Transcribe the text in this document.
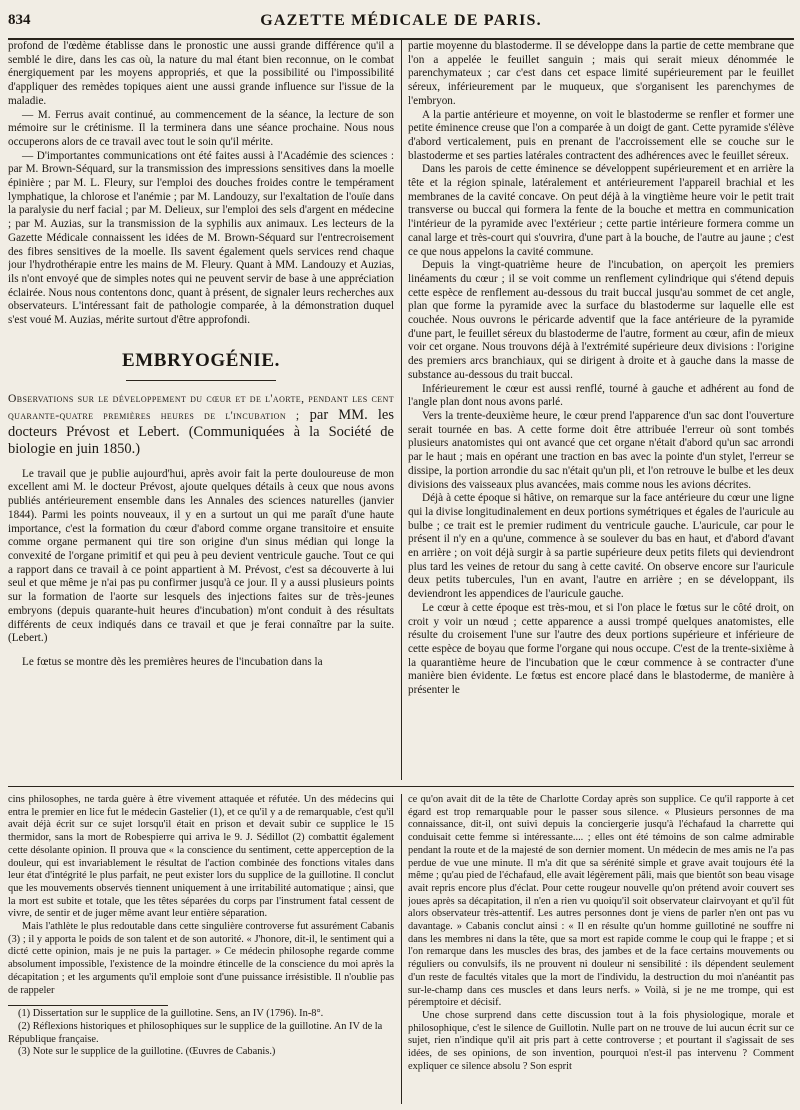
834	GAZETTE MÉDICALE DE PARIS.

profond de l'œdème établisse dans le pronostic une aussi grande différence qu'il a semblé le dire, dans les cas où, la nature du mal étant bien reconnue, on le combat énergiquement par les moyens appropriés, et que la possibilité ou l'impossibilité d'appliquer des remèdes topiques aient une aussi grande influence sur l'issue de la maladie.

— M. Ferrus avait continué, au commencement de la séance, la lecture de son mémoire sur le crétinisme. Il la terminera dans une séance prochaine. Nous nous occuperons alors de ce travail avec tout le soin qu'il mérite.

— D'importantes communications ont été faites aussi à l'Académie des sciences : par M. Brown-Séquard, sur la transmission des impressions sensitives dans la moelle épinière ; par M. L. Fleury, sur l'emploi des douches froides contre le tempérament lymphatique, la chlorose et l'anémie ; par M. Landouzy, sur l'exaltation de l'ouïe dans la paralysie du nerf facial ; par M. Delieux, sur l'emploi des sels d'argent en médecine ; par M. Auzias, sur la transmission de la syphilis aux animaux. Les lecteurs de la Gazette Médicale connaissent les idées de M. Brown-Séquard sur l'entrecroisement des fibres sensitives de la moelle. Ils savent également quels services rend chaque jour l'hydrothérapie entre les mains de M. Fleury. Quant à MM. Landouzy et Auzias, ils n'ont envoyé que de simples notes qui ne peuvent servir de base à une appréciation éclairée. Nous nous contentons donc, quant à présent, de signaler leurs recherches aux observateurs. L'intéressant fait de pathologie comparée, à la démonstration duquel s'est voué M. Auzias, mérite surtout d'être approfondi.

EMBRYOGÉNIE.
Observations sur le développement du cœur et de l'aorte, pendant les cent quarante-quatre premières heures de l'incubation ; par MM. les docteurs Prévost et Lebert. (Communiquées à la Société de biologie en juin 1850.)

Le travail que je publie aujourd'hui, après avoir fait la perte douloureuse de mon excellent ami M. le docteur Prévost, ajoute quelques détails à ceux que nous avons publiés antérieurement ensemble dans les Annales des sciences naturelles (janvier 1844). Parmi les points nouveaux, il y en a surtout un qui me paraît d'une haute importance, c'est la formation du cœur d'abord comme organe transitoire et ensuite comme organe permanent qui tire son origine d'un sinus médian qui longe la convexité de l'organe primitif et qui peu à peu devient ventricule gauche. Tout ce qui a rapport dans ce travail à ce point appartient à M. Prévost, c'est sa découverte à lui seul et que même je n'ai pas pu confirmer jusqu'à ce jour. Il y a aussi plusieurs points sur la formation de l'aorte sur lesquels des injections faites sur de très-jeunes embryons (depuis quarante-huit heures d'incubation) m'ont conduit à des résultats différents de ceux indiqués dans ce travail et que je ferai connaître par la suite. (Lebert.)

Le fœtus se montre dès les premières heures de l'incubation dans la

partie moyenne du blastoderme. Il se développe dans la partie de cette membrane que l'on a appelée le feuillet sanguin ; mais qui serait mieux dénommée le parenchymateux ; car c'est dans cet espace limité supérieurement par le feuillet séreux, inférieurement par le muqueux, que s'organisent les parenchymes de l'embryon.

A la partie antérieure et moyenne, on voit le blastoderme se renfler et former une petite éminence creuse que l'on a comparée à un doigt de gant. Cette pyramide s'élève d'abord verticalement, puis en prenant de l'accroissement elle se couche sur le blastoderme et ses parties latérales contractent des adhérences avec le feuillet séreux.

Dans les parois de cette éminence se développent supérieurement et en arrière la tête et la région spinale, latéralement et antérieurement l'appareil brachial et les membranes de la cavité concave. On peut déjà à la vingtième heure voir le petit trait transverse ou buccal qui formera la fente de la bouche et mettra en communication l'intérieur de la pyramide avec l'extérieur ; cette partie intérieure formera comme un canal large et très-court qui s'ouvrira, d'une part à la bouche, de l'autre au jaune ; c'est ce que nous appelons la cavité commune.

Depuis la vingt-quatrième heure de l'incubation, on aperçoit les premiers linéaments du cœur ; il se voit comme un renflement cylindrique qui s'étend depuis cette espèce de renflement au-dessous du trait buccal jusqu'au sommet de cet angle, plan que forme la pyramide avec la surface du blastoderme sur laquelle elle est couchée. Nous ouvrons le péricarde adventif que la face antérieure de la pyramide d'une part, le feuillet séreux du blastoderme de l'autre, forment au cœur, afin de mieux voir cet organe. Nous trouvons déjà à l'extrémité supérieure deux divisions : l'origine des premiers arcs branchiaux, qui se dirigent à droite et à gauche dans la masse de substance au-dessous du trait buccal.

Inférieurement le cœur est aussi renflé, tourné à gauche et adhérent au fond de l'angle plan dont nous avons parlé.

Vers la trente-deuxième heure, le cœur prend l'apparence d'un sac dont l'ouverture serait tournée en bas. A cette forme doit être attribuée l'erreur où sont tombés plusieurs anatomistes qui ont avancé que cet organe n'était d'abord qu'un sac arrondi par le haut ; mais en opérant une traction en bas avec la pointe d'un stylet, l'erreur se dissipe, la portion arrondie du sac n'était qu'un pli, et l'on retrouve le bulbe et les deux divisions des vaisseaux plus avancées, mais comme nous les avions décrites.

Déjà à cette époque si hâtive, on remarque sur la face antérieure du cœur une ligne qui la divise longitudinalement en deux portions symétriques et égales de l'auricule au bulbe ; ce trait est le premier rudiment du ventricule gauche. L'auricule, car pour le présent il n'y en a qu'une, commence à se soulever du bas en haut, et d'abord d'avant en arrière ; on voit déjà surgir à sa partie supérieure deux petits filets qui deviendront plus tard les veines de retour du sang à cette cavité. On observe encore sur l'auricule deux petits tubercules, l'un en avant, l'autre en arrière ; en se développant, ils deviendront les appendices de l'auricule gauche.

Le cœur à cette époque est très-mou, et si l'on place le fœtus sur le côté droit, on croit y voir un nœud ; cette apparence a aussi trompé quelques anatomistes, elle résulte du croisement l'une sur l'autre des deux portions supérieure et inférieure de cette espèce de boyau que forme l'organe qui nous occupe. C'est de la trente-sixième à la quarantième heure de l'incubation que le cœur commence à se contracter d'une manière bien évidente. Le fœtus est encore placé dans le blastoderme, de manière à présenter le

cins philosophes, ne tarda guère à être vivement attaquée et réfutée. Un des médecins qui entra le premier en lice fut le médecin Gastelier (1), et ce qu'il y a de remarquable, c'est qu'il avait déjà écrit sur ce sujet lorsqu'il était en prison et devait subir ce supplice le 15 thermidor, sans la mort de Robespierre qui arriva le 9. J. Sédillot (2) combattit également cette désolante opinion. Il prouva que « la conscience du sentiment, cette apperception de la douleur, qui est invariablement le résultat de l'action combinée des fonctions vitales dans leur état d'intégrité le plus parfait, ne peut exister lors du supplice de la guillotine. Il conclut que les mouvements observés tiennent uniquement à une irritabilité automatique ; ainsi, que la mort est subite et totale, que les têtes séparées du corps par l'instrument fatal cessent de vivre, de sentir et de juger même avant leur entière séparation.

Mais l'athlète le plus redoutable dans cette singulière controverse fut assurément Cabanis (3) ; il y apporta le poids de son talent et de son autorité. « J'honore, dit-il, le sentiment qui a dicté cette opinion, mais je ne puis la partager. » Ce médecin philosophe regarde comme absolument impossible, l'existence de la moindre étincelle de la conscience du moi après la décapitation ; et les arguments qu'il emploie sont d'une puissance irrésistible. Il n'oublie pas de rappeler

(1) Dissertation sur le supplice de la guillotine. Sens, an IV (1796). In-8°.

(2) Réflexions historiques et philosophiques sur le supplice de la guillotine. An IV de la République française.

(3) Note sur le supplice de la guillotine. (Œuvres de Cabanis.)

ce qu'on avait dit de la tête de Charlotte Corday après son supplice. Ce qu'il rapporte à cet égard est trop remarquable pour le passer sous silence. « Plusieurs personnes de ma connaissance, dit-il, ont suivi depuis la conciergerie jusqu'à l'échafaud la charrette qui conduisait cette femme si intéressante.... ; elles ont été témoins de son calme admirable pendant la route et de la majesté de son dernier moment. Un médecin de mes amis ne l'a pas perdue de vue une minute. Il m'a dit que sa sérénité simple et grave avait toujours été la même ; qu'au pied de l'échafaud, elle avait légèrement pâli, mais que bientôt son beau visage avait repris encore plus d'éclat. Pour cette rougeur nouvelle qu'on prétend avoir couvert ses joues après sa décapitation, il n'en a rien vu quoiqu'il soit observateur clairvoyant et qu'il fût alors observateur très-attentif. Les autres personnes dont je viens de parler n'en ont pas vu davantage. » Cabanis conclut ainsi : « Il en résulte qu'un homme guillotiné ne souffre ni dans les membres ni dans la tête, que sa mort est rapide comme le coup qui le frappe ; et si l'on remarque dans les muscles des bras, des jambes et de la face certains mouvements ou réguliers ou convulsifs, ils ne prouvent ni douleur ni sensibilité : ils dépendent seulement d'un reste de facultés vitales que la mort de l'individu, la destruction du moi n'anéantit pas sur-le-champ dans ces muscles et dans leurs nerfs. » Voilà, si je ne me trompe, qui est péremptoire et décisif.

Une chose surprend dans cette discussion tout à la fois physiologique, morale et philosophique, c'est le silence de Guillotin. Nulle part on ne trouve de lui aucun écrit sur ce sujet, rien n'indique qu'il ait pris part à cette controverse ; et pourtant il s'agissait de ses idées, de ses opinions, de son invention, pourquoi n'est-il pas intervenu ? Comment expliquer ce silence absolu ? Son esprit
